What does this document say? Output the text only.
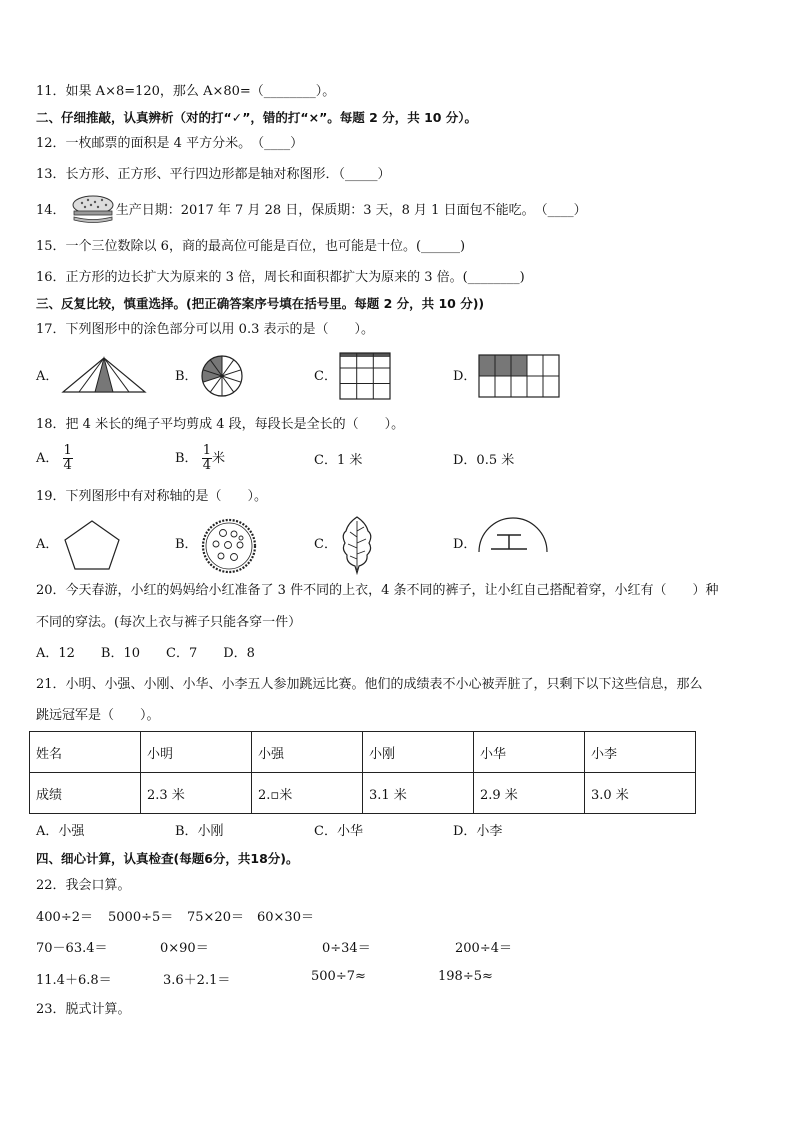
11．如果 A×8=120，那么 A×80=（________）。
二、仔细推敲，认真辨析（对的打“✓”，错的打“×”。每题 2 分，共 10 分）。
12．一枚邮票的面积是 4 平方分米。　（____）
13．长方形、正方形、平行四边形都是轴对称图形．（_____）
14．	生产日期：2017 年 7 月 28 日，保质期：3 天，8 月 1 日面包不能吃。　（____）
15．一个三位数除以 6，商的最高位可能是百位，也可能是十位。(______)
16．正方形的边长扩大为原来的 3 倍，周长和面积都扩大为原来的 3 倍。(________)
三、反复比较，慎重选择。(把正确答案序号填在括号里。每题 2 分，共 10 分))
17．下列图形中的涂色部分可以用 0.3 表示的是（　　）。
A．	B．	C．	D．
18．把 4 米长的绳子平均剪成 4 段，每段长是全长的（　　）。
A． $\frac{1}{4}$	B． $\frac{1}{4}$ 米	C．1 米	D．0.5 米
19．下列图形中有对称轴的是（　　）。
A．	B．	C．	D．
20．今天春游，小红的妈妈给小红准备了 3 件不同的上衣，4 条不同的裤子，让小红自己搭配着穿，小红有（　　）种
不同的穿法。(每次上衣与裤子只能各穿一件）
A．12　　B．10　　C．7　　D．8
21．小明、小强、小刚、小华、小李五人参加跳远比赛。他们的成绩表不小心被弄脏了，只剩下以下这些信息，那么
跳远冠军是（　　）。
姓名	小明	小强	小刚	小华	小李
成绩	2.3 米	2.▫米	3.1 米	2.9 米	3.0 米
A．小强	B．小刚	C．小华	D．小李
四、细心计算，认真检查(每题6分，共18分)。
22．我会口算。
400÷2＝ 5000÷5＝ 75×20＝ 60×30＝
70－63.4＝	0×90＝	0÷34＝	200÷4＝
11.4＋6.8＝	3.6＋2.1＝	500÷7≈	198÷5≈
23．脱式计算。
